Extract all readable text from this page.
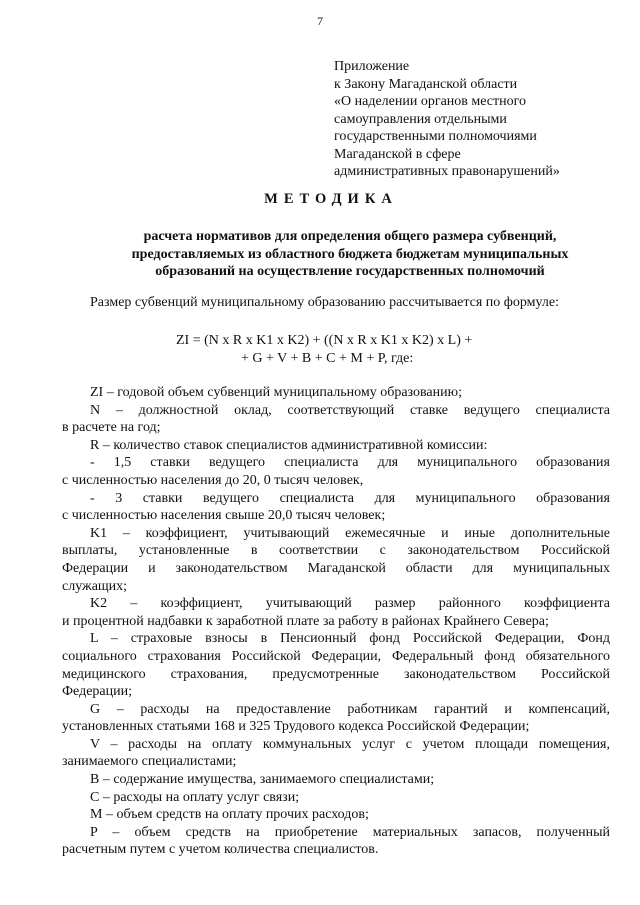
7
Приложение
к Закону Магаданской области
«О наделении органов местного
самоуправления отдельными
государственными полномочиями
Магаданской в сфере
административных правонарушений»
МЕТОДИКА
расчета нормативов для определения общего размера субвенций,
предоставляемых из областного бюджета бюджетам муниципальных
образований на осуществление государственных полномочий
Размер субвенций муниципальному образованию рассчитывается по формуле:
ZI = (N x R x K1 x K2) + ((N x R x K1 x K2) x L) +
+ G + V + B + C + M + P, где:
ZI – годовой объем субвенций муниципальному образованию;
N – должностной оклад, соответствующий ставке ведущего специалиста
в расчете на год;
R – количество ставок специалистов административной комиссии:
- 1,5 ставки ведущего специалиста для муниципального образования
с численностью населения до 20, 0 тысяч человек,
- 3 ставки ведущего специалиста для муниципального образования
с численностью населения свыше 20,0 тысяч человек;
K1 – коэффициент, учитывающий ежемесячные и иные дополнительные
выплаты, установленные в соответствии с законодательством Российской
Федерации и законодательством Магаданской области для муниципальных
служащих;
K2 – коэффициент, учитывающий размер районного коэффициента
и процентной надбавки к заработной плате за работу в районах Крайнего Севера;
L – страховые взносы в Пенсионный фонд Российской Федерации, Фонд
социального страхования Российской Федерации, Федеральный фонд обязательного
медицинского страхования, предусмотренные законодательством Российской
Федерации;
G – расходы на предоставление работникам гарантий и компенсаций,
установленных статьями 168 и 325 Трудового кодекса Российской Федерации;
V – расходы на оплату коммунальных услуг с учетом площади помещения,
занимаемого специалистами;
B – содержание имущества, занимаемого специалистами;
C – расходы на оплату услуг связи;
M – объем средств на оплату прочих расходов;
P – объем средств на приобретение материальных запасов, полученный
расчетным путем с учетом количества специалистов.
